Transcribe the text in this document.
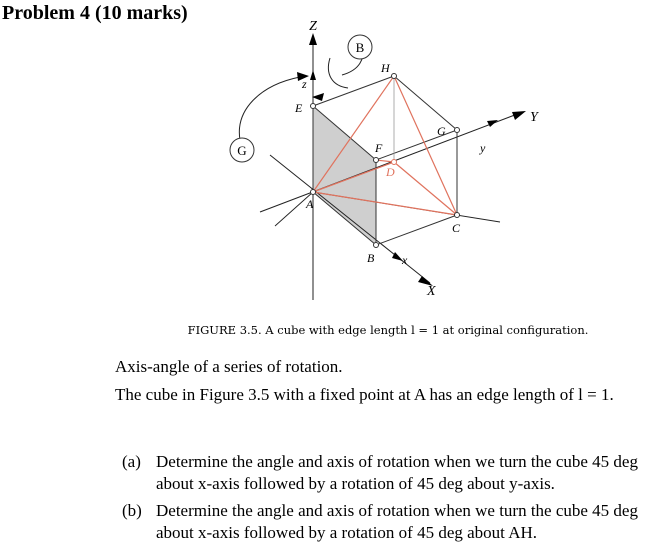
Problem 4 (10 marks)
B
G
Z
z
Y
y
X
x
A
B
C
D
E
F
G
H
FIGURE 3.5. A cube with edge length l = 1 at original configuration.
Axis-angle of a series of rotation.
The cube in Figure 3.5 with a fixed point at A has an edge length of l = 1.
(a) Determine the angle and axis of rotation when we turn the cube 45 deg about x-axis followed by a rotation of 45 deg about y-axis.
(b) Determine the angle and axis of rotation when we turn the cube 45 deg about x-axis followed by a rotation of 45 deg about AH.
